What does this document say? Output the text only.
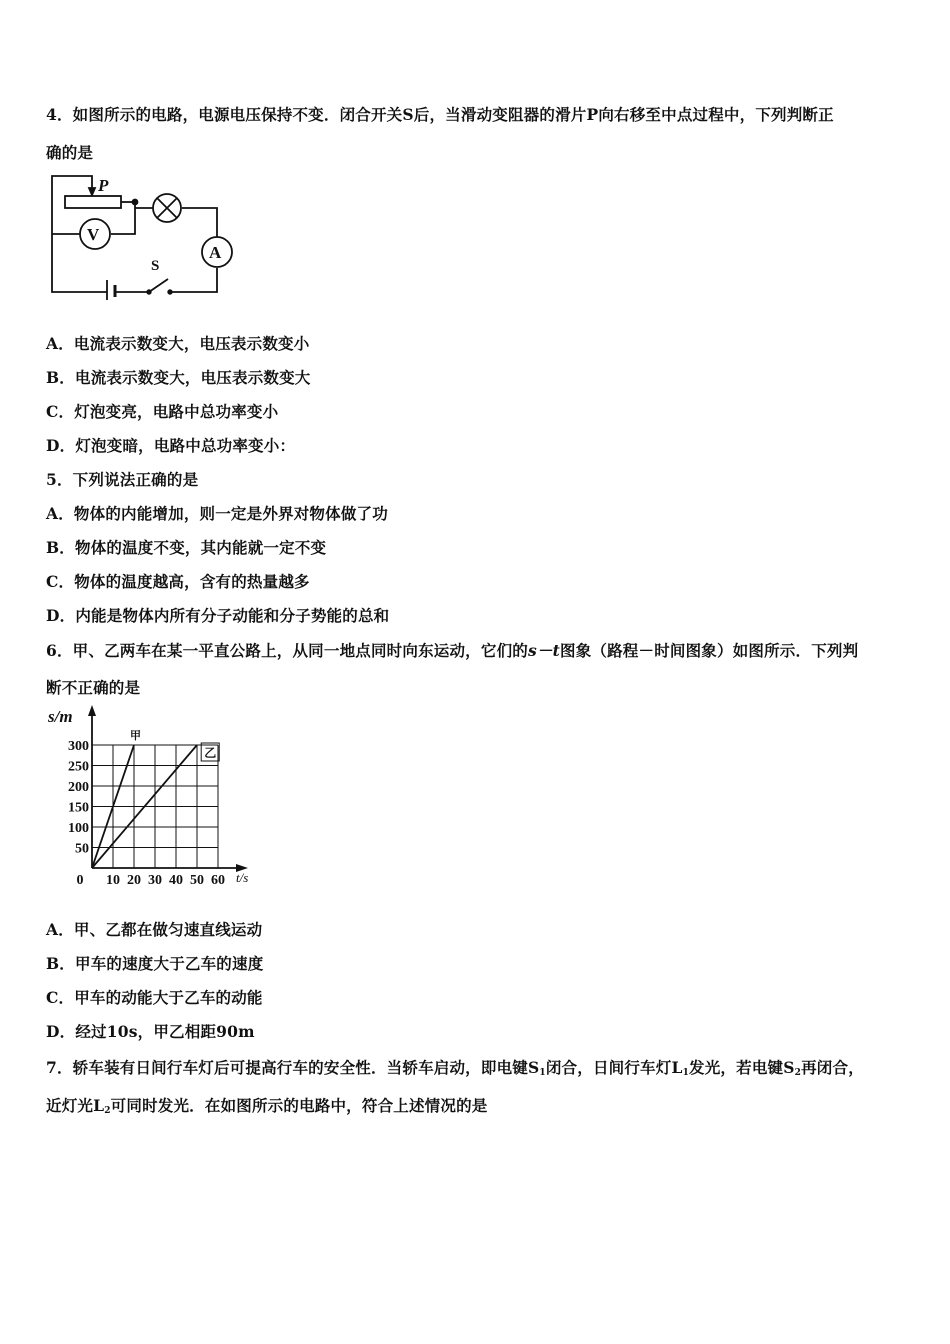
4．如图所示的电路，电源电压保持不变．闭合开关S后，当滑动变阻器的滑片P向右移至中点过程中，下列判断正
确的是
P
V
A
S
A．电流表示数变大，电压表示数变小
B．电流表示数变大，电压表示数变大
C．灯泡变亮，电路中总功率变小
D．灯泡变暗，电路中总功率变小：
5．下列说法正确的是
A．物体的内能增加，则一定是外界对物体做了功
B．物体的温度不变，其内能就一定不变
C．物体的温度越高，含有的热量越多
D．内能是物体内所有分子动能和分子势能的总和
6．甲、乙两车在某一平直公路上，从同一地点同时向东运动，它们的s－t图象（路程－时间图象）如图所示．下列判
断不正确的是
0 10 20 30 40 50 60
50
100
150
200
250
300
s/m
t/s
甲
乙
A．甲、乙都在做匀速直线运动
B．甲车的速度大于乙车的速度
C．甲车的动能大于乙车的动能
D．经过10s，甲乙相距90m
7．轿车装有日间行车灯后可提高行车的安全性．当轿车启动，即电键$S_1$闭合，日间行车灯$L_1$发光，若电键$S_2$再闭合，
近灯光$L_2$可同时发光．在如图所示的电路中，符合上述情况的是
